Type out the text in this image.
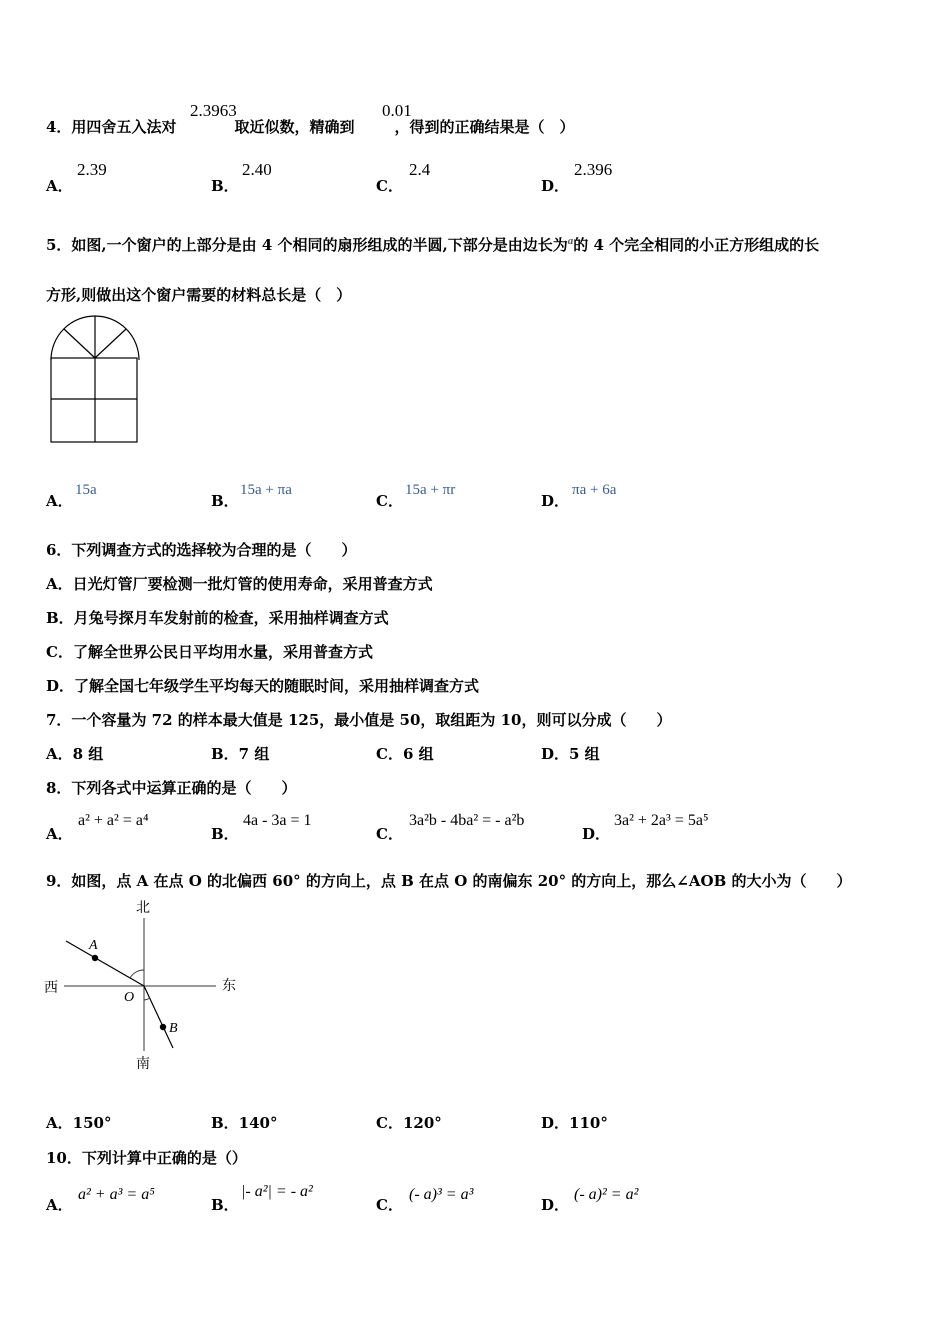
4．用四舍五入法对	取近似数，精确到	，得到的正确结果是（　）
2.3963	0.01
A．
2.39
B．
2.40
C．
2.4
D．
2.396
5．如图,一个窗户的上部分是由 4 个相同的扇形组成的半圆,下部分是由边长为$^a$的 4 个完全相同的小正方形组成的长
方形,则做出这个窗户需要的材料总长是（　）
A．
15a
B．
15a + πa
C．
15a + πr
D．
πa + 6a
6．下列调查方式的选择较为合理的是（　　）
A．日光灯管厂要检测一批灯管的使用寿命，采用普查方式
B．月兔号探月车发射前的检查，采用抽样调查方式
C．了解全世界公民日平均用水量，采用普查方式
D．了解全国七年级学生平均每天的随眠时间，采用抽样调查方式
7．一个容量为 72 的样本最大值是 125，最小值是 50，取组距为 10，则可以分成（　　）
A．8 组	B．7 组	C．6 组	D．5 组
8．下列各式中运算正确的是（　　）
A．
a² + a² = a⁴
B．
4a - 3a = 1
C．
3a²b - 4ba² = - a²b
D．
3a² + 2a³ = 5a⁵
9．如图，点 A 在点 O 的北偏西 60° 的方向上，点 B 在点 O 的南偏东 20° 的方向上，那么∠AOB 的大小为（　　）
北
南
西	东
A
B
O
A．150°	B．140°	C．120°	D．110°
10．下列计算中正确的是（）
A．
a² + a³ = a⁵
B．
|- a²| = - a²
C．
(- a)³ = a³
D．
(- a)² = a²
